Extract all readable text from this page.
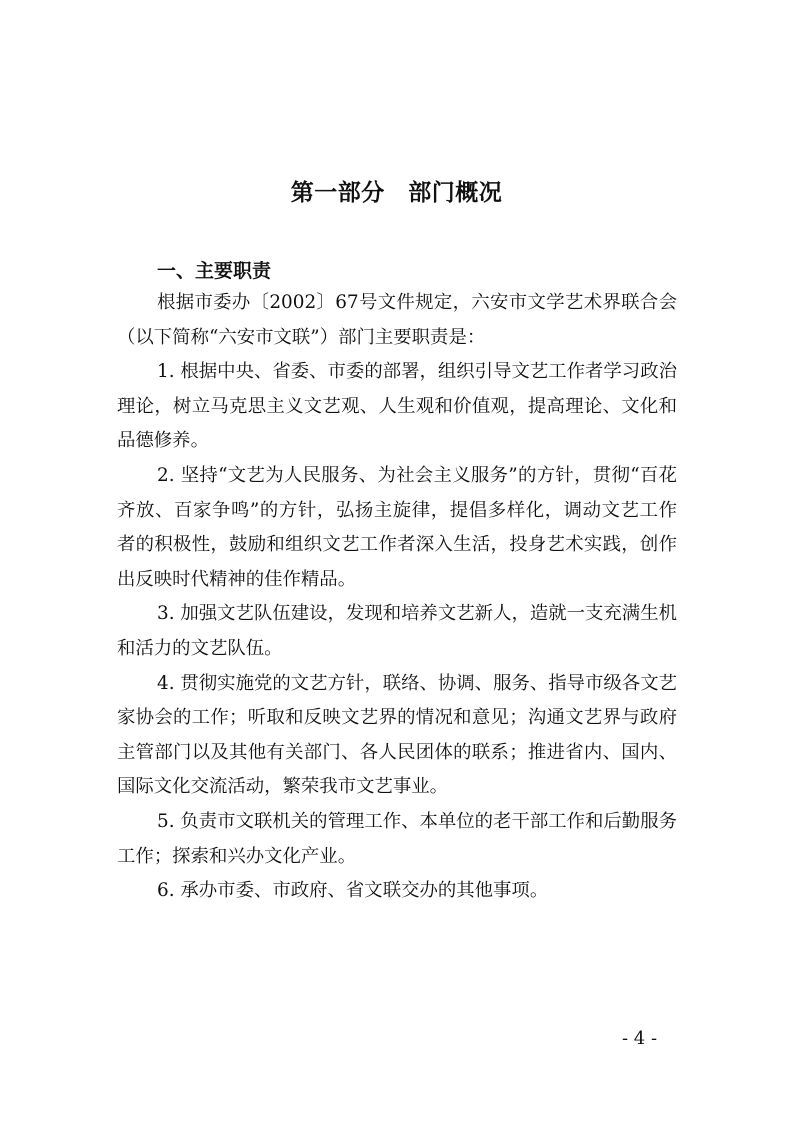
第一部分　部门概况
一、主要职责

根据市委办〔2002〕67号文件规定，六安市文学艺术界联合会（以下简称“六安市文联”）部门主要职责是：

1. 根据中央、省委、市委的部署，组织引导文艺工作者学习政治理论，树立马克思主义文艺观、人生观和价值观，提高理论、文化和品德修养。

2. 坚持“文艺为人民服务、为社会主义服务”的方针，贯彻“百花齐放、百家争鸣”的方针，弘扬主旋律，提倡多样化，调动文艺工作者的积极性，鼓励和组织文艺工作者深入生活，投身艺术实践，创作出反映时代精神的佳作精品。

3. 加强文艺队伍建设，发现和培养文艺新人，造就一支充满生机和活力的文艺队伍。

4. 贯彻实施党的文艺方针，联络、协调、服务、指导市级各文艺家协会的工作；听取和反映文艺界的情况和意见；沟通文艺界与政府主管部门以及其他有关部门、各人民团体的联系；推进省内、国内、国际文化交流活动，繁荣我市文艺事业。

5. 负责市文联机关的管理工作、本单位的老干部工作和后勤服务工作；探索和兴办文化产业。

6. 承办市委、市政府、省文联交办的其他事项。

- 4 -
